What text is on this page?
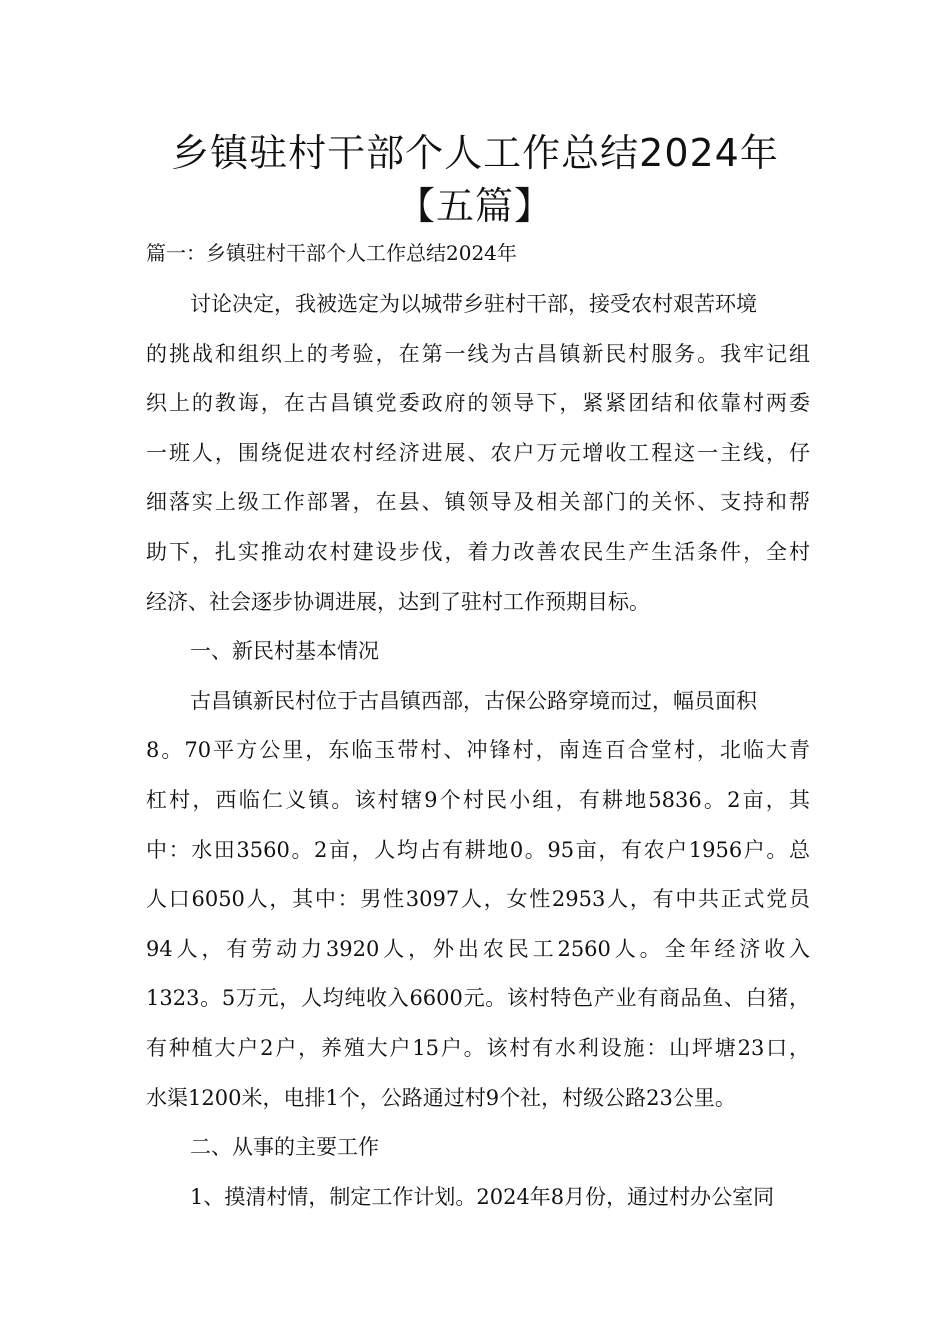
乡镇驻村干部个人工作总结2024年
【五篇】
篇一：乡镇驻村干部个人工作总结2024年
讨论决定，我被选定为以城带乡驻村干部，接受农村艰苦环境
的挑战和组织上的考验，在第一线为古昌镇新民村服务。我牢记组
织上的教诲，在古昌镇党委政府的领导下，紧紧团结和依靠村两委
一班人，围绕促进农村经济进展、农户万元增收工程这一主线，仔
细落实上级工作部署，在县、镇领导及相关部门的关怀、支持和帮
助下，扎实推动农村建设步伐，着力改善农民生产生活条件，全村
经济、社会逐步协调进展，达到了驻村工作预期目标。
一、新民村基本情况
古昌镇新民村位于古昌镇西部，古保公路穿境而过，幅员面积
8。70平方公里，东临玉带村、冲锋村，南连百合堂村，北临大青
杠村，西临仁义镇。该村辖9个村民小组，有耕地5836。2亩，其
中：水田3560。2亩，人均占有耕地0。95亩，有农户1956户。总
人口6050人，其中：男性3097人，女性2953人，有中共正式党员
94人，有劳动力3920人，外出农民工2560人。全年经济收入
1323。5万元，人均纯收入6600元。该村特色产业有商品鱼、白猪，
有种植大户2户，养殖大户15户。该村有水利设施：山坪塘23口，
水渠1200米，电排1个，公路通过村9个社，村级公路23公里。
二、从事的主要工作
1、摸清村情，制定工作计划。2024年8月份，通过村办公室同
